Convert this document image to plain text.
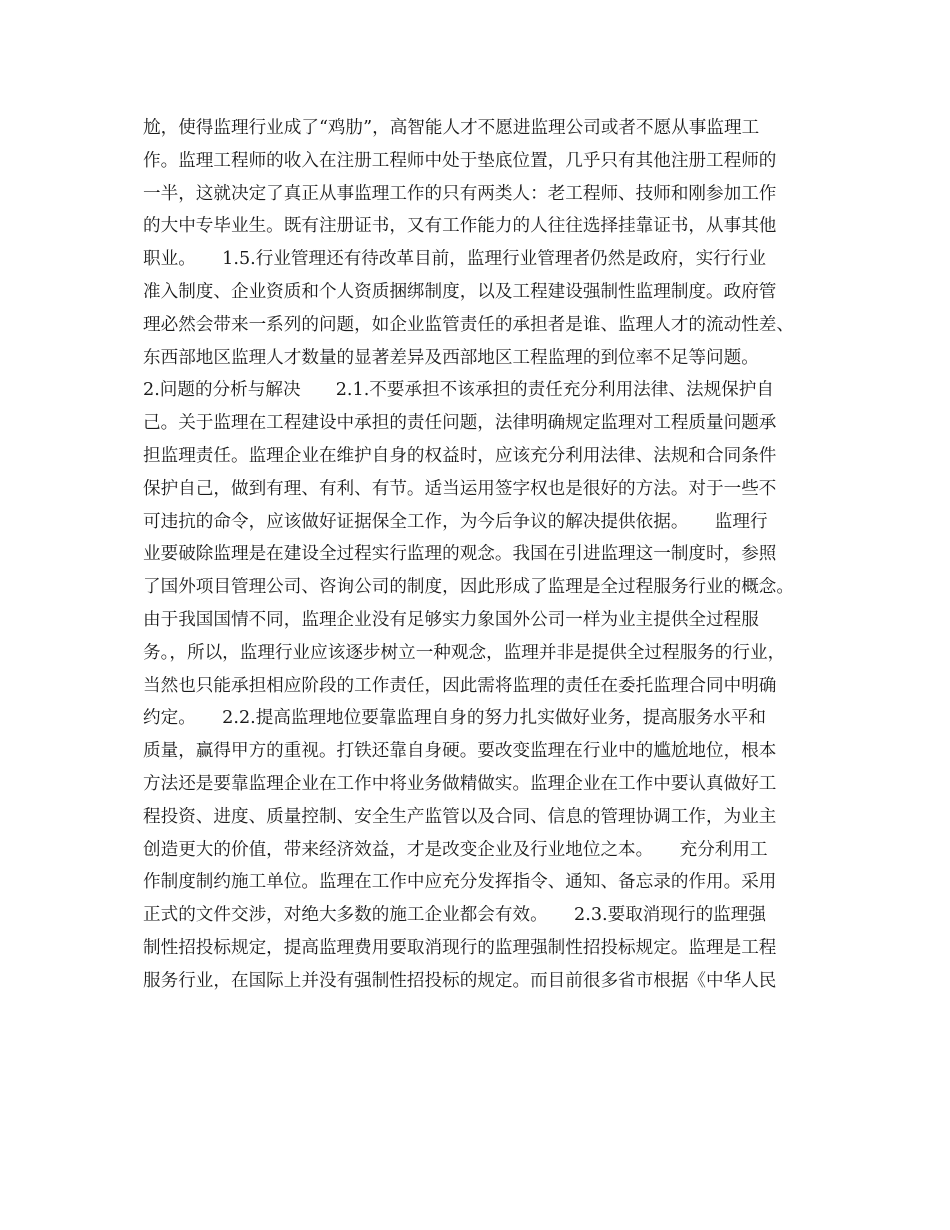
尬，使得监理行业成了“鸡肋”，高智能人才不愿进监理公司或者不愿从事监理工
作。监理工程师的收入在注册工程师中处于垫底位置，几乎只有其他注册工程师的
一半，这就决定了真正从事监理工作的只有两类人：老工程师、技师和刚参加工作
的大中专毕业生。既有注册证书，又有工作能力的人往往选择挂靠证书，从事其他
职业。　　1.5.行业管理还有待改革目前，监理行业管理者仍然是政府，实行行业
准入制度、企业资质和个人资质捆绑制度，以及工程建设强制性监理制度。政府管
理必然会带来一系列的问题，如企业监管责任的承担者是谁、监理人才的流动性差、
东西部地区监理人才数量的显著差异及西部地区工程监理的到位率不足等问题。
2.问题的分析与解决　　2.1.不要承担不该承担的责任充分利用法律、法规保护自
己。关于监理在工程建设中承担的责任问题，法律明确规定监理对工程质量问题承
担监理责任。监理企业在维护自身的权益时，应该充分利用法律、法规和合同条件
保护自己，做到有理、有利、有节。适当运用签字权也是很好的方法。对于一些不
可违抗的命令，应该做好证据保全工作，为今后争议的解决提供依据。　　监理行
业要破除监理是在建设全过程实行监理的观念。我国在引进监理这一制度时，参照
了国外项目管理公司、咨询公司的制度，因此形成了监理是全过程服务行业的概念。
由于我国国情不同，监理企业没有足够实力象国外公司一样为业主提供全过程服
务。，所以，监理行业应该逐步树立一种观念，监理并非是提供全过程服务的行业，
当然也只能承担相应阶段的工作责任，因此需将监理的责任在委托监理合同中明确
约定。　　2.2.提高监理地位要靠监理自身的努力扎实做好业务，提高服务水平和
质量，赢得甲方的重视。打铁还靠自身硬。要改变监理在行业中的尴尬地位，根本
方法还是要靠监理企业在工作中将业务做精做实。监理企业在工作中要认真做好工
程投资、进度、质量控制、安全生产监管以及合同、信息的管理协调工作，为业主
创造更大的价值，带来经济效益，才是改变企业及行业地位之本。　　充分利用工
作制度制约施工单位。监理在工作中应充分发挥指令、通知、备忘录的作用。采用
正式的文件交涉，对绝大多数的施工企业都会有效。　　2.3.要取消现行的监理强
制性招投标规定，提高监理费用要取消现行的监理强制性招投标规定。监理是工程
服务行业，在国际上并没有强制性招投标的规定。而目前很多省市根据《中华人民
